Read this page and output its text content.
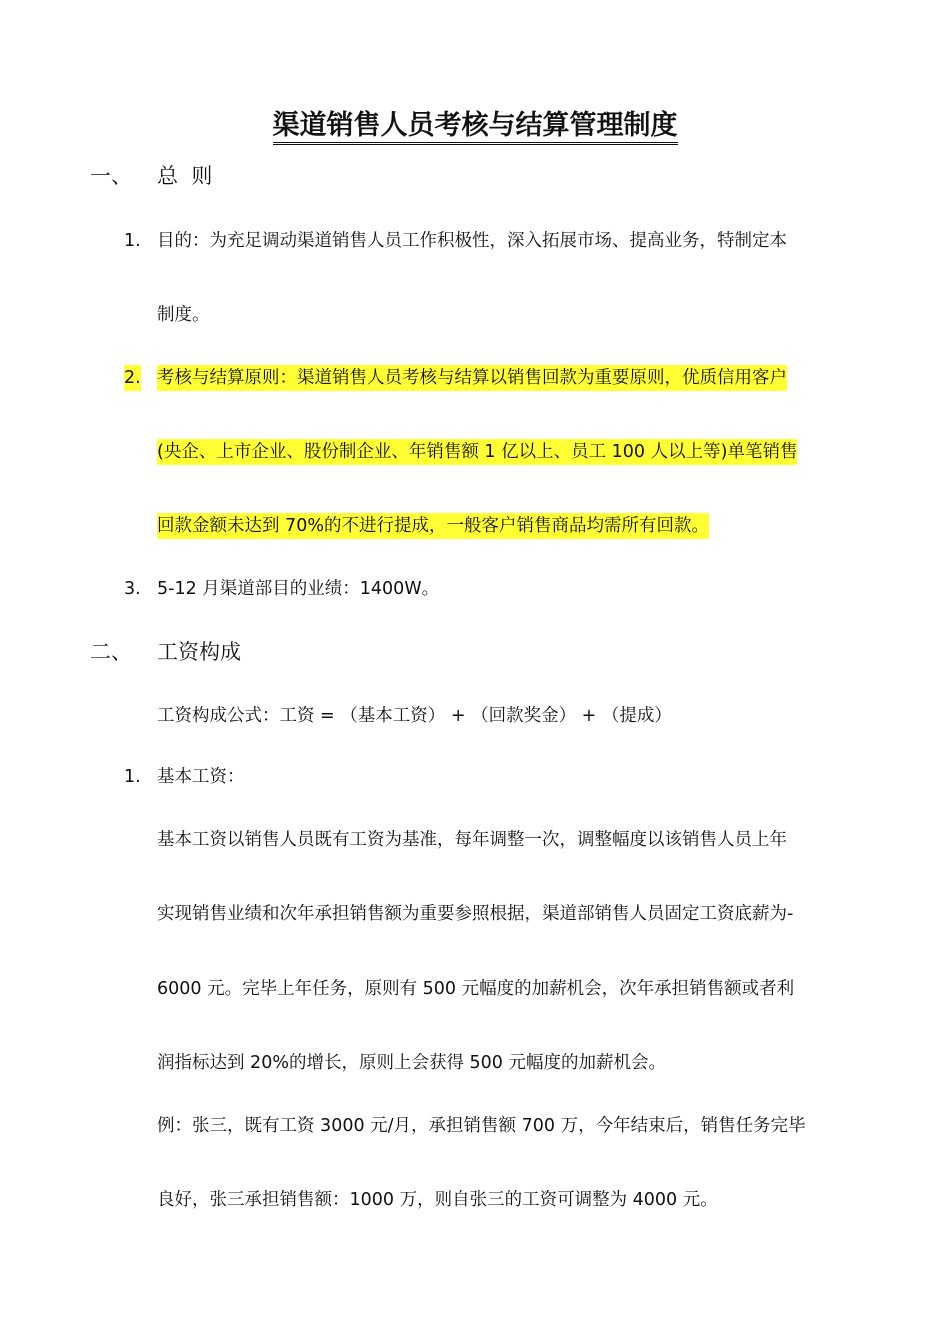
渠道销售人员考核与结算管理制度
一、 总  则
1. 目的：为充足调动渠道销售人员工作积极性，深入拓展市场、提高业务，特制定本
制度。
2. 考核与结算原则：渠道销售人员考核与结算以销售回款为重要原则，优质信用客户
(央企、上市企业、股份制企业、年销售额 1 亿以上、员工 100 人以上等)单笔销售
回款金额未达到 70%的不进行提成，一般客户销售商品均需所有回款。
3. 5-12 月渠道部目的业绩：1400W。
二、 工资构成
工资构成公式：工资 = （基本工资） + （回款奖金） + （提成）
1. 基本工资：
基本工资以销售人员既有工资为基准，每年调整一次，调整幅度以该销售人员上年
实现销售业绩和次年承担销售额为重要参照根据，渠道部销售人员固定工资底薪为-
6000 元。完毕上年任务，原则有 500 元幅度的加薪机会，次年承担销售额或者利
润指标达到 20%的增长，原则上会获得 500 元幅度的加薪机会。
例：张三，既有工资 3000 元/月，承担销售额 700 万，今年结束后，销售任务完毕
良好，张三承担销售额：1000 万，则自张三的工资可调整为 4000 元。
